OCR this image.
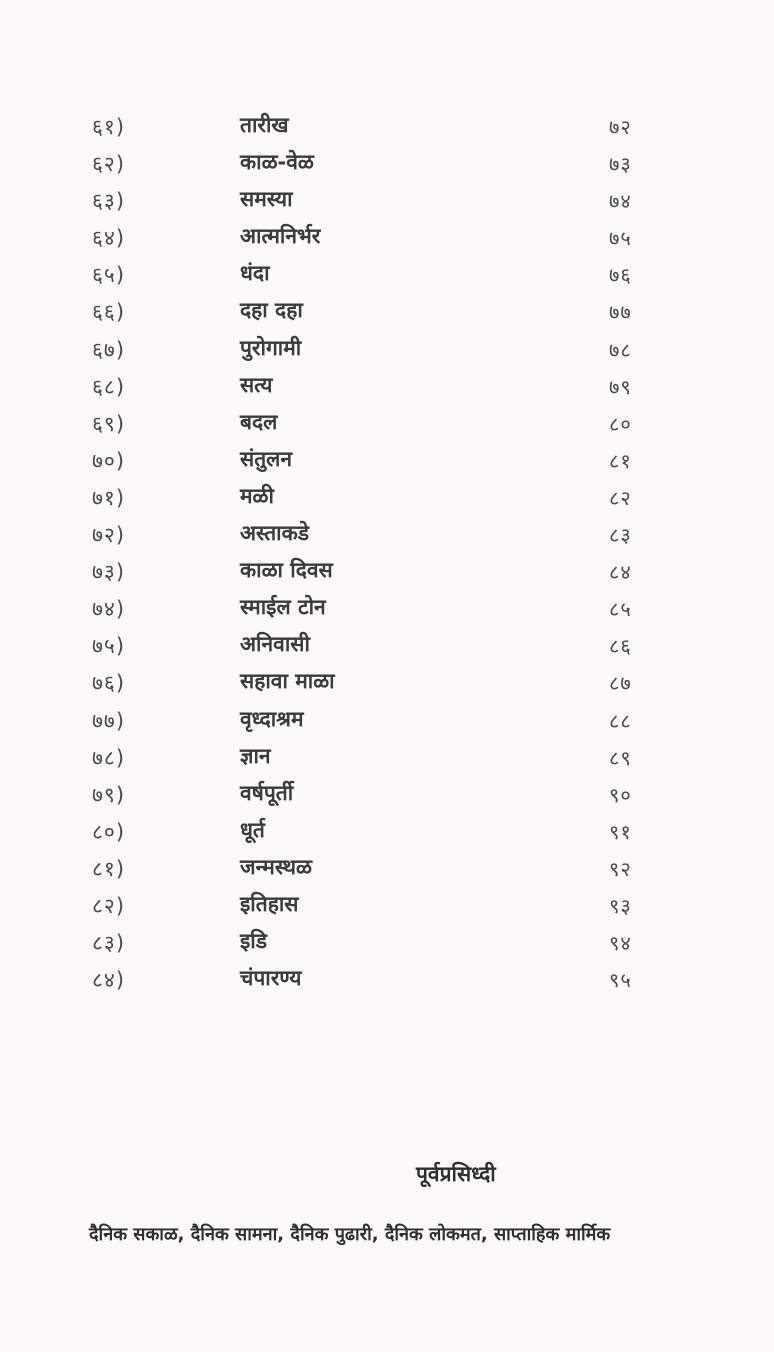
६१)	तारीख	७२
६२)	काळ-वेळ	७३
६३)	समस्या	७४
६४)	आत्मनिर्भर	७५
६५)	धंदा	७६
६६)	दहा दहा	७७
६७)	पुरोगामी	७८
६८)	सत्य	७९
६९)	बदल	८०
७०)	संतुलन	८१
७१)	मळी	८२
७२)	अस्ताकडे	८३
७३)	काळा दिवस	८४
७४)	स्माईल टोन	८५
७५)	अनिवासी	८६
७६)	सहावा माळा	८७
७७)	वृध्दाश्रम	८८
७८)	ज्ञान	८९
७९)	वर्षपूर्ती	९०
८०)	धूर्त	९१
८१)	जन्मस्थळ	९२
८२)	इतिहास	९३
८३)	इडि	९४
८४)	चंपारण्य	९५
पूर्वप्रसिध्दी
दैनिक सकाळ, दैनिक सामना, दैनिक पुढारी, दैनिक लोकमत, साप्ताहिक मार्मिक
